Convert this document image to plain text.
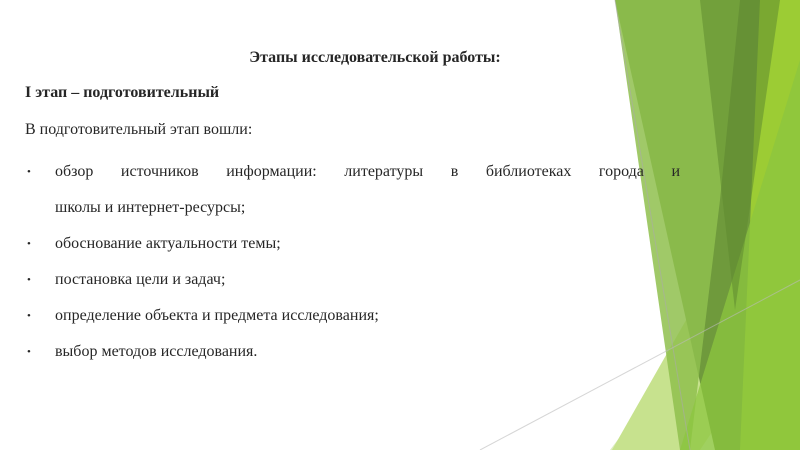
Этапы исследовательской работы:
I этап – подготовительный
В подготовительный этап вошли:
• обзор источников информации: литературы в библиотеках города и
школы и интернет-ресурсы;
• обоснование актуальности темы;
• постановка цели и задач;
• определение объекта и предмета исследования;
• выбор методов исследования.
